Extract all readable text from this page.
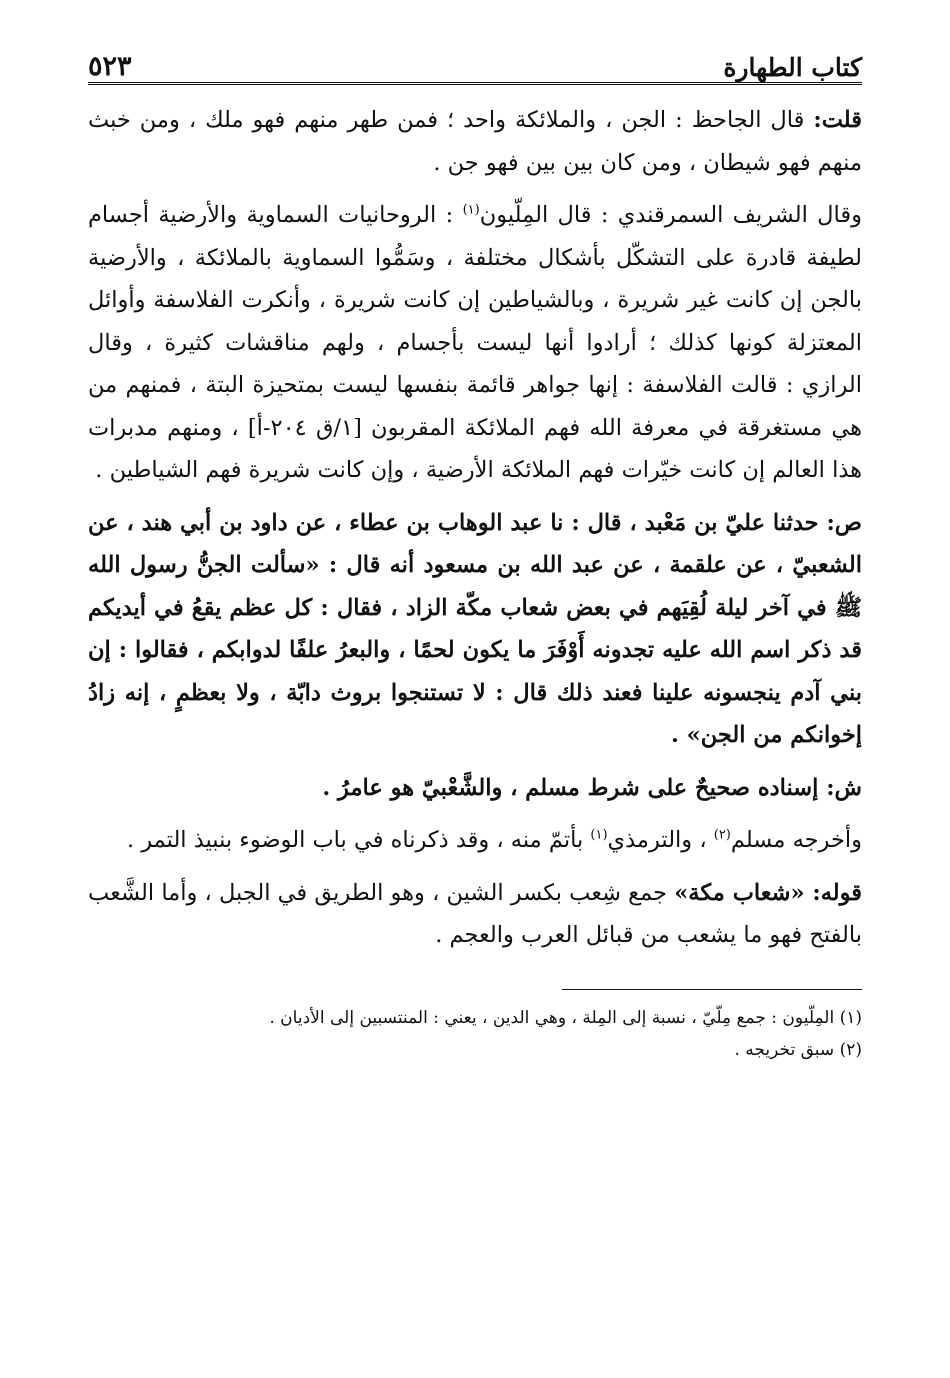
كتاب الطهارة
٥٢٣

قلت: قال الجاحظ : الجن ، والملائكة واحد ؛ فمن طهر منهم فهو ملك ، ومن خبث منهم فهو شيطان ، ومن كان بين بين فهو جن .

وقال الشريف السمرقندي : قال المِلّيون$^{(١)}$ : الروحانيات السماوية والأرضية أجسام لطيفة قادرة على التشكّل بأشكال مختلفة ، وسَمُّوا السماوية بالملائكة ، والأرضية بالجن إن كانت غير شريرة ، وبالشياطين إن كانت شريرة ، وأنكرت الفلاسفة وأوائل المعتزلة كونها كذلك ؛ أرادوا أنها ليست بأجسام ، ولهم مناقشات كثيرة ، وقال الرازي : قالت الفلاسفة : إنها جواهر قائمة بنفسها ليست بمتحيزة البتة ، فمنهم من هي مستغرقة في معرفة الله فهم الملائكة المقربون [١/ق ٢٠٤-أ] ، ومنهم مدبرات هذا العالم إن كانت خيّرات فهم الملائكة الأرضية ، وإن كانت شريرة فهم الشياطين .

ص: حدثنا عليّ بن مَعْبد ، قال : نا عبد الوهاب بن عطاء ، عن داود بن أبي هند ، عن الشعبيّ ، عن علقمة ، عن عبد الله بن مسعود أنه قال : «سألت الجنُّ رسول الله ﷺ في آخر ليلة لُقِيَهم في بعض شعاب مكّة الزاد ، فقال : كل عظم يقعُ في أيديكم قد ذكر اسم الله عليه تجدونه أَوْفَرَ ما يكون لحمًا ، والبعرُ علفًا لدوابكم ، فقالوا : إن بني آدم ينجسونه علينا فعند ذلك قال : لا تستنجوا بروث دابّة ، ولا بعظمٍ ، إنه زادُ إخوانكم من الجن» .

ش: إسناده صحيحٌ على شرط مسلم ، والشَّعْبيّ هو عامرُ .

وأخرجه مسلم$^{(٢)}$ ، والترمذي$^{(١)}$ بأتمّ منه ، وقد ذكرناه في باب الوضوء بنبيذ التمر .

قوله: «شعاب مكة» جمع شِعب بكسر الشين ، وهو الطريق في الجبل ، وأما الشَّعب بالفتح فهو ما يشعب من قبائل العرب والعجم .

(١) المِلّيون : جمع مِلّيّ ، نسبة إلى المِلة ، وهي الدين ، يعني : المنتسبين إلى الأديان .

(٢) سبق تخريجه .
